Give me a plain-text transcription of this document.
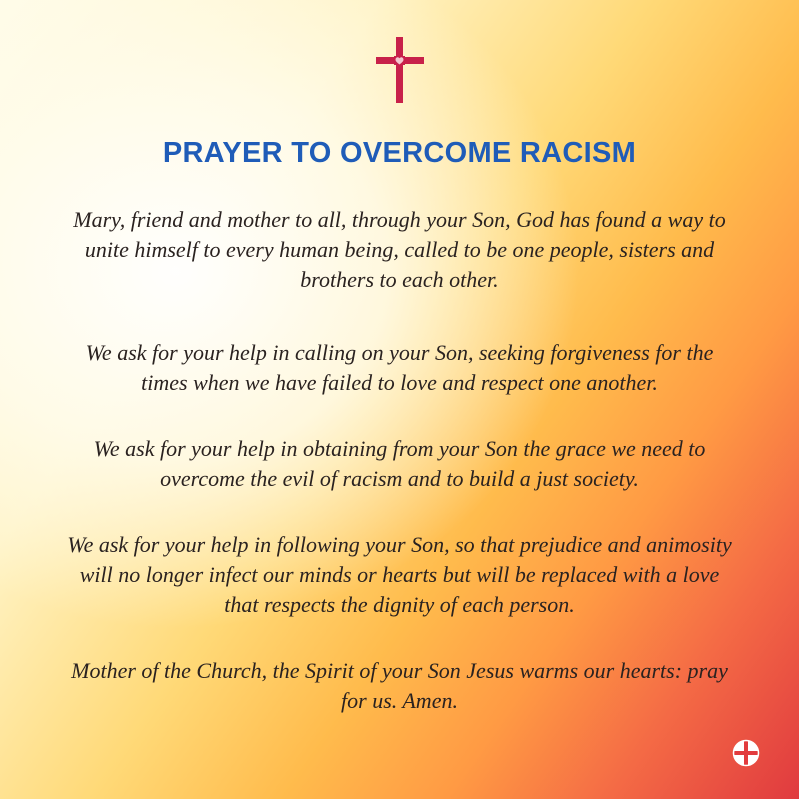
PRAYER TO OVERCOME RACISM

Mary, friend and mother to all, through your Son, God has found a way to unite himself to every human being, called to be one people, sisters and brothers to each other.

We ask for your help in calling on your Son, seeking forgiveness for the times when we have failed to love and respect one another.

We ask for your help in obtaining from your Son the grace we need to overcome the evil of racism and to build a just society.

We ask for your help in following your Son, so that prejudice and animosity will no longer infect our minds or hearts but will be replaced with a love that respects the dignity of each person.

Mother of the Church, the Spirit of your Son Jesus warms our hearts: pray for us. Amen.
